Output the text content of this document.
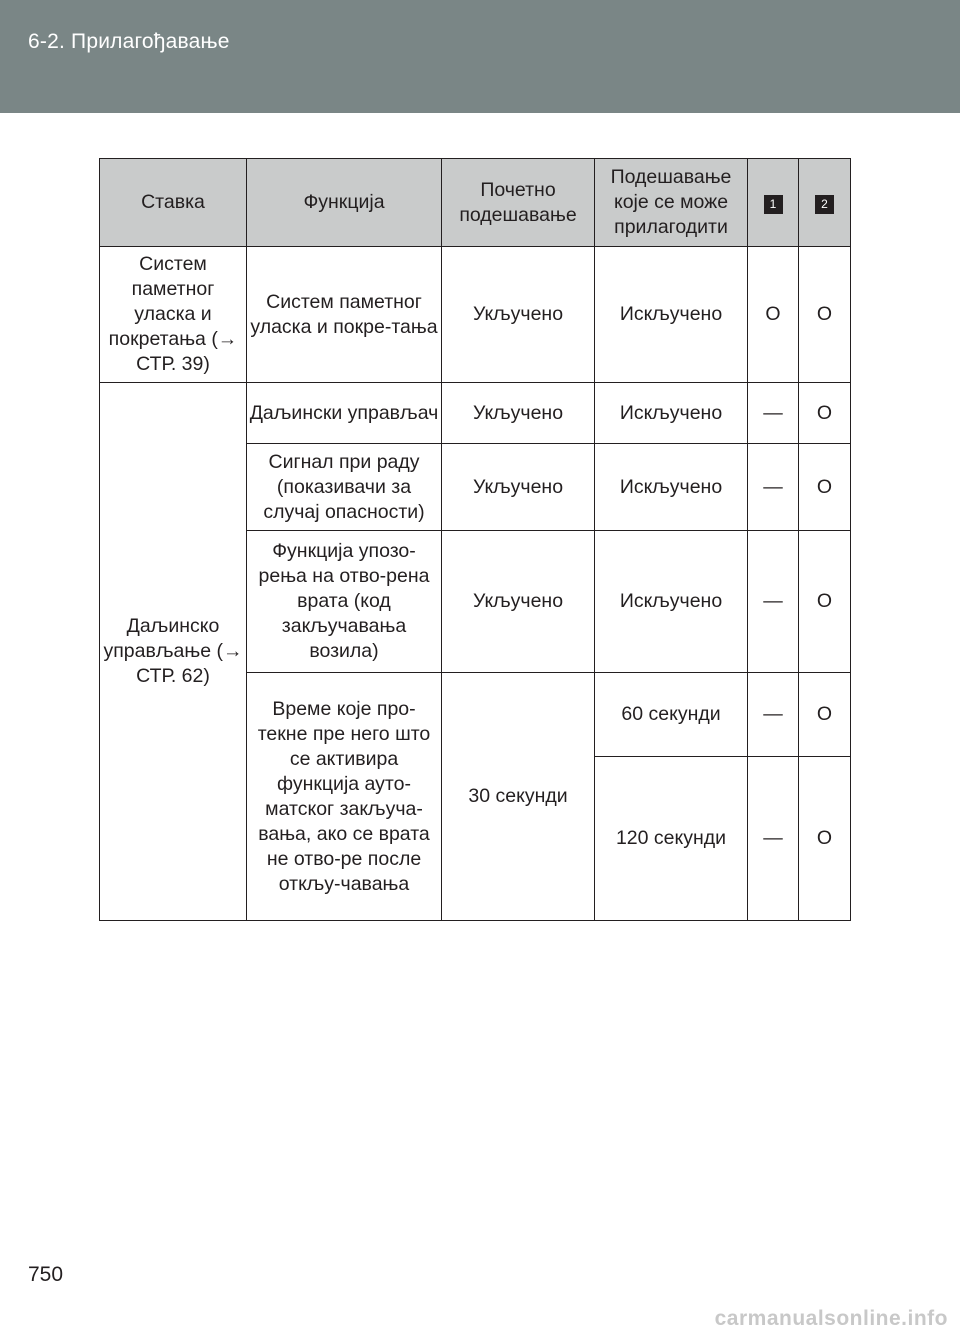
6-2. Прилагођавање
Ставка	Функција	Почетно подешавање	Подешавање које се може прилагодити	1	2
Систем паметног уласка и покретања (→ СТР. 39)	Систем паметног уласка и покре-тања	Укључено	Искључено	O	O
Даљинско управљање (→ СТР. 62)	Даљински управљач	Укључено	Искључено	—	O
	Сигнал при раду (показивачи за случај опасности)	Укључено	Искључено	—	O
	Функција упозо-рења на отво-рена врата (код закључавања возила)	Укључено	Искључено	—	O
	Време које про-текне пре него што се активира функција ауто-матског закључа-вања, ако се врата не отво-ре после откљу-чавања	30 секунди	60 секунди	—	O
			120 секунди	—	O
750
carmanualsonline.info
